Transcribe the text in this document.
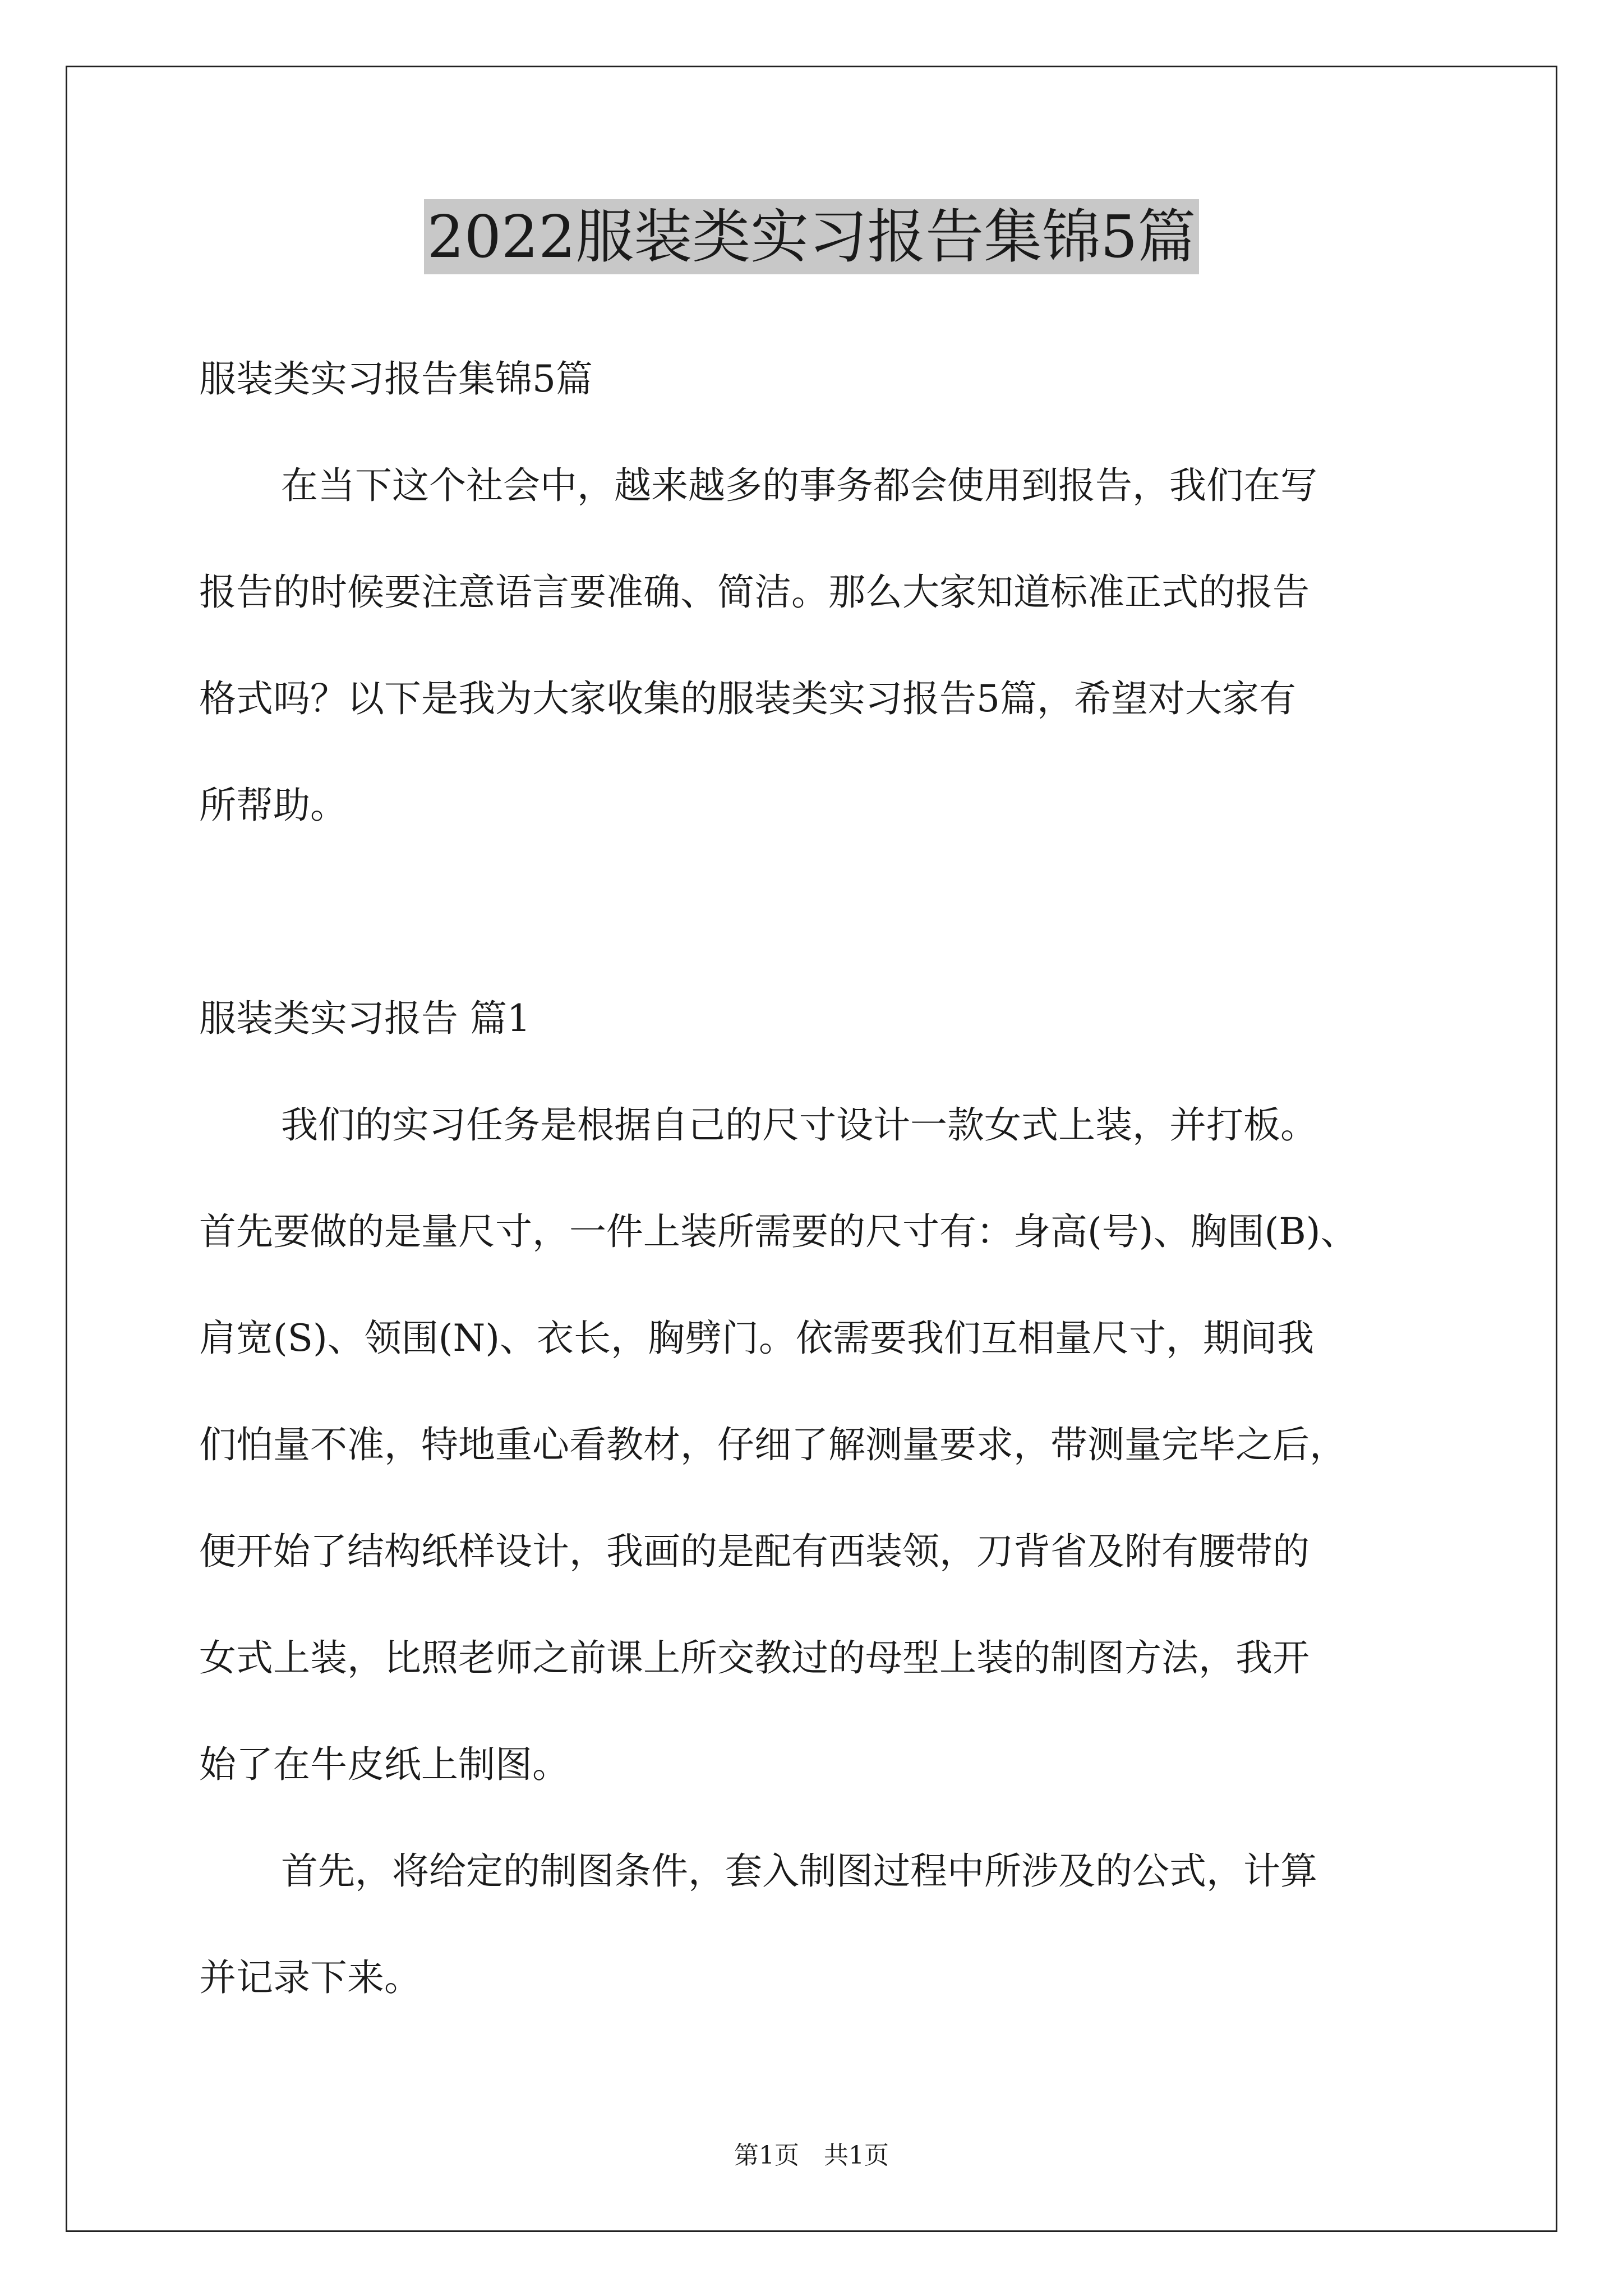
2022服装类实习报告集锦5篇
服装类实习报告集锦5篇
在当下这个社会中，越来越多的事务都会使用到报告，我们在写
报告的时候要注意语言要准确、简洁。那么大家知道标准正式的报告
格式吗？以下是我为大家收集的服装类实习报告5篇，希望对大家有
所帮助。
服装类实习报告 篇1
我们的实习任务是根据自己的尺寸设计一款女式上装，并打板。
首先要做的是量尺寸，一件上装所需要的尺寸有：身高(号)、胸围(B)、
肩宽(S)、领围(N)、衣长，胸劈门。依需要我们互相量尺寸，期间我
们怕量不准，特地重心看教材，仔细了解测量要求，带测量完毕之后，
便开始了结构纸样设计，我画的是配有西装领，刀背省及附有腰带的
女式上装，比照老师之前课上所交教过的母型上装的制图方法，我开
始了在牛皮纸上制图。
首先，将给定的制图条件，套入制图过程中所涉及的公式，计算
并记录下来。
第1页　共1页
